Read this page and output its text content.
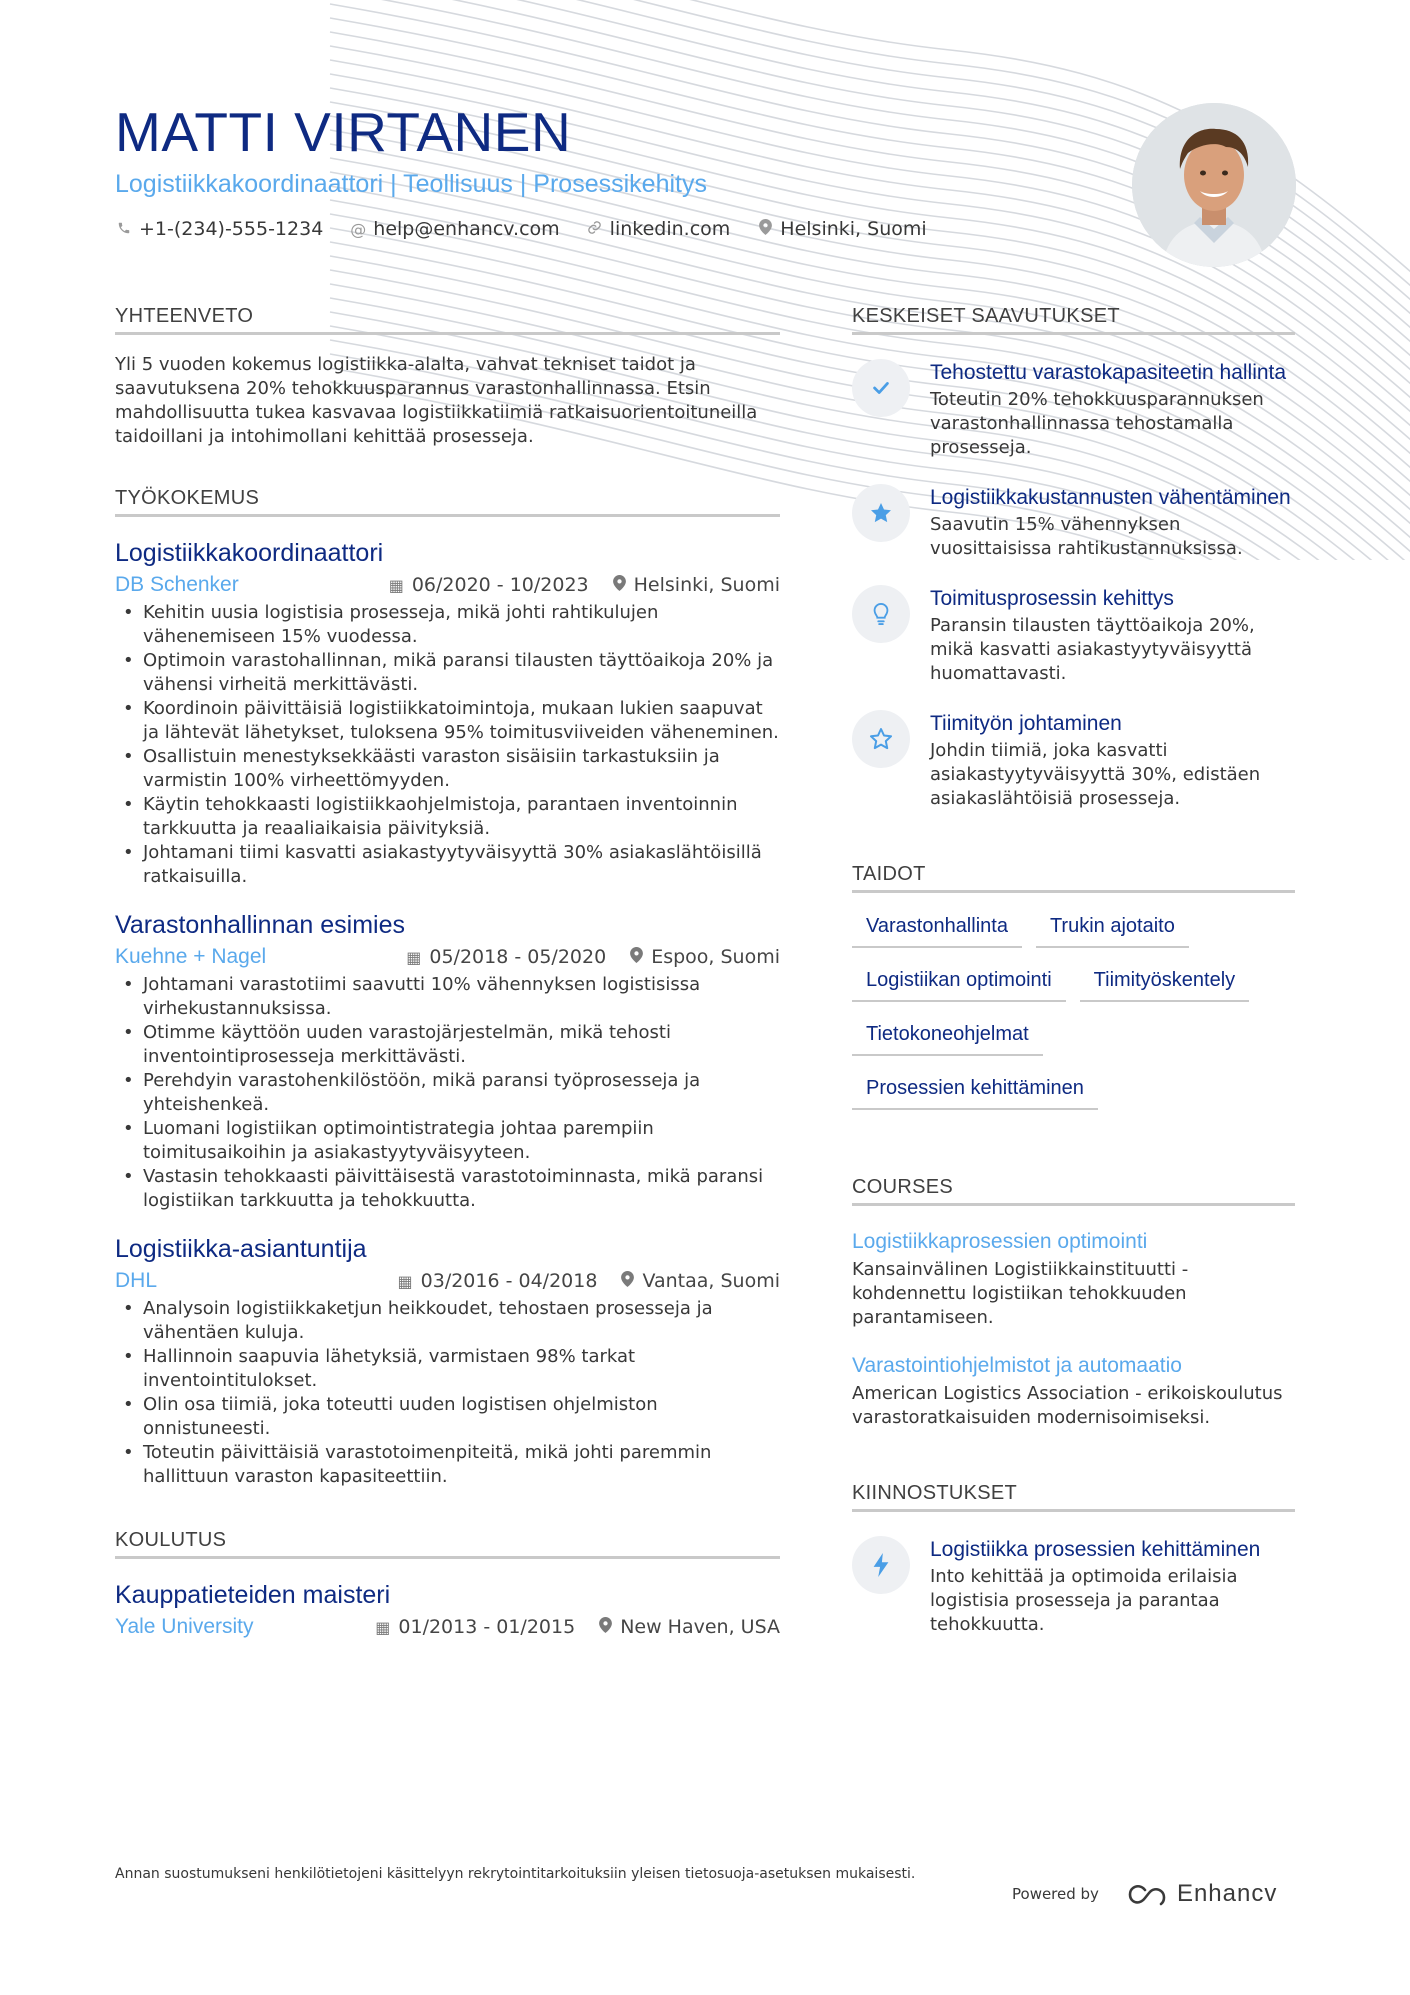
MATTI VIRTANEN
Logistiikkakoordinaattori | Teollisuus | Prosessikehitys
+1-(234)-555-1234 @ help@enhancv.com	linkedin.com	Helsinki, Suomi
YHTEENVETO

Yli 5 vuoden kokemus logistiikka-alalta, vahvat tekniset taidot ja saavutuksena 20% tehokkuusparannus varastonhallinnassa. Etsin mahdollisuutta tukea kasvavaa logistiikkatiimiä ratkaisuorientoituneilla taidoillani ja intohimollani kehittää prosesseja.

TYÖKOKEMUS
Logistiikkakoordinaattori
DB Schenker	▦ 06/2020 - 10/2023 Helsinki, Suomi
• Kehitin uusia logistisia prosesseja, mikä johti rahtikulujen vähenemiseen 15% vuodessa.
• Optimoin varastohallinnan, mikä paransi tilausten täyttöaikoja 20% ja vähensi virheitä merkittävästi.
• Koordinoin päivittäisiä logistiikkatoimintoja, mukaan lukien saapuvat ja lähtevät lähetykset, tuloksena 95% toimitusviiveiden väheneminen.
• Osallistuin menestyksekkäästi varaston sisäisiin tarkastuksiin ja varmistin 100% virheettömyyden.
• Käytin tehokkaasti logistiikkaohjelmistoja, parantaen inventoinnin tarkkuutta ja reaaliaikaisia päivityksiä.
• Johtamani tiimi kasvatti asiakastyytyväisyyttä 30% asiakaslähtöisillä ratkaisuilla.
Varastonhallinnan esimies
Kuehne + Nagel	▦ 05/2018 - 05/2020 Espoo, Suomi
• Johtamani varastotiimi saavutti 10% vähennyksen logistisissa virhekustannuksissa.
• Otimme käyttöön uuden varastojärjestelmän, mikä tehosti inventointiprosesseja merkittävästi.
• Perehdyin varastohenkilöstöön, mikä paransi työprosesseja ja yhteishenkeä.
• Luomani logistiikan optimointistrategia johtaa parempiin toimitusaikoihin ja asiakastyytyväisyyteen.
• Vastasin tehokkaasti päivittäisestä varastotoiminnasta, mikä paransi logistiikan tarkkuutta ja tehokkuutta.
Logistiikka-asiantuntija
DHL	▦ 03/2016 - 04/2018 Vantaa, Suomi
• Analysoin logistiikkaketjun heikkoudet, tehostaen prosesseja ja vähentäen kuluja.
• Hallinnoin saapuvia lähetyksiä, varmistaen 98% tarkat inventointitulokset.
• Olin osa tiimiä, joka toteutti uuden logistisen ohjelmiston onnistuneesti.
• Toteutin päivittäisiä varastotoimenpiteitä, mikä johti paremmin hallittuun varaston kapasiteettiin.
KOULUTUS
Kauppatieteiden maisteri
Yale University	▦ 01/2013 - 01/2015 New Haven, USA
KESKEISET SAAVUTUKSET
Tehostettu varastokapasiteetin hallinta
Toteutin 20% tehokkuusparannuksen varastonhallinnassa tehostamalla prosesseja.
Logistiikkakustannusten vähentäminen
Saavutin 15% vähennyksen vuosittaisissa rahtikustannuksissa.
Toimitusprosessin kehittys
Paransin tilausten täyttöaikoja 20%, mikä kasvatti asiakastyytyväisyyttä huomattavasti.
Tiimityön johtaminen
Johdin tiimiä, joka kasvatti asiakastyytyväisyyttä 30%, edistäen asiakaslähtöisiä prosesseja.
TAIDOT
Varastonhallinta	Trukin ajotaito
Logistiikan optimointi	Tiimityöskentely
Tietokoneohjelmat
Prosessien kehittäminen
COURSES
Logistiikkaprosessien optimointi
Kansainvälinen Logistiikkainstituutti - kohdennettu logistiikan tehokkuuden parantamiseen.
Varastointiohjelmistot ja automaatio
American Logistics Association - erikoiskoulutus varastoratkaisuiden modernisoimiseksi.
KIINNOSTUKSET
Logistiikka prosessien kehittäminen
Into kehittää ja optimoida erilaisia logistisia prosesseja ja parantaa tehokkuutta.
Annan suostumukseni henkilötietojeni käsittelyyn rekrytointitarkoituksiin yleisen tietosuoja-asetuksen mukaisesti.
Powered by	Enhancv
